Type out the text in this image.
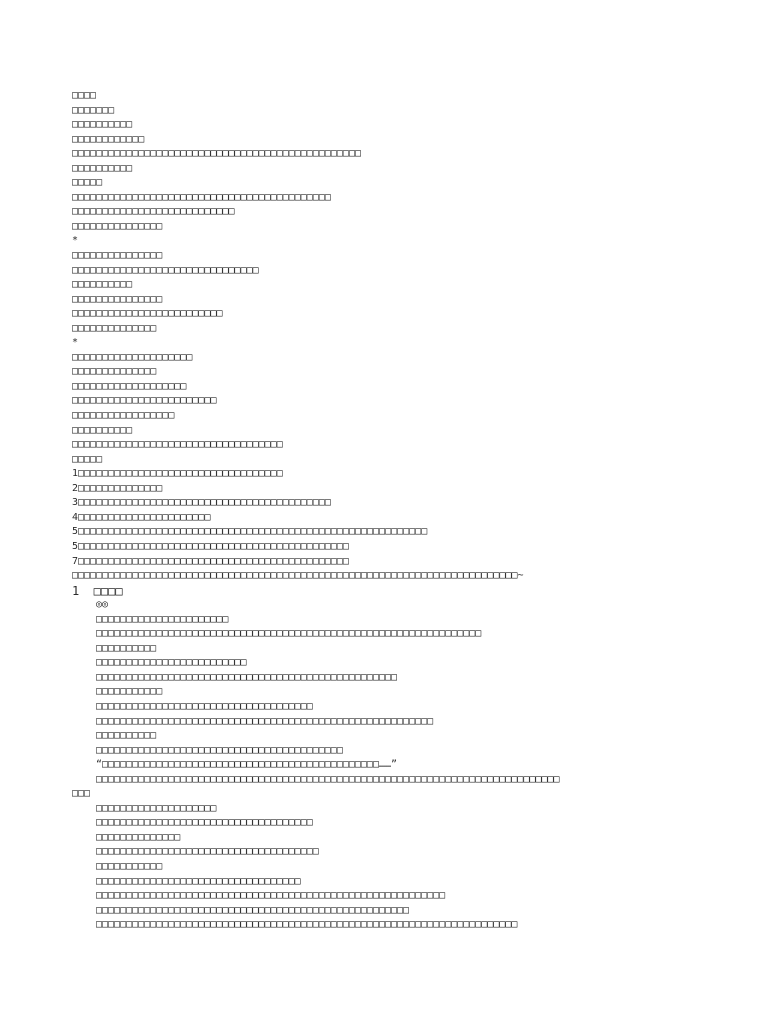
□□□□
□□□□□□□
□□□□□□□□□□
□□□□□□□□□□□□
□□□□□□□□□□□□□□□□□□□□□□□□□□□□□□□□□□□□□□□□□□□□□□□□
□□□□□□□□□□
□□□□□
□□□□□□□□□□□□□□□□□□□□□□□□□□□□□□□□□□□□□□□□□□□
□□□□□□□□□□□□□□□□□□□□□□□□□□□
□□□□□□□□□□□□□□□
*
□□□□□□□□□□□□□□□
□□□□□□□□□□□□□□□□□□□□□□□□□□□□□□□
□□□□□□□□□□
□□□□□□□□□□□□□□□
□□□□□□□□□□□□□□□□□□□□□□□□□
□□□□□□□□□□□□□□
*
□□□□□□□□□□□□□□□□□□□□
□□□□□□□□□□□□□□
□□□□□□□□□□□□□□□□□□□
□□□□□□□□□□□□□□□□□□□□□□□□
□□□□□□□□□□□□□□□□□
□□□□□□□□□□
□□□□□□□□□□□□□□□□□□□□□□□□□□□□□□□□□□□
□□□□□
1□□□□□□□□□□□□□□□□□□□□□□□□□□□□□□□□□□
2□□□□□□□□□□□□□□
3□□□□□□□□□□□□□□□□□□□□□□□□□□□□□□□□□□□□□□□□□□
4□□□□□□□□□□□□□□□□□□□□□□
5□□□□□□□□□□□□□□□□□□□□□□□□□□□□□□□□□□□□□□□□□□□□□□□□□□□□□□□□□□
5□□□□□□□□□□□□□□□□□□□□□□□□□□□□□□□□□□□□□□□□□□□□□
7□□□□□□□□□□□□□□□□□□□□□□□□□□□□□□□□□□□□□□□□□□□□□
□□□□□□□□□□□□□□□□□□□□□□□□□□□□□□□□□□□□□□□□□□□□□□□□□□□□□□□□□□□□□□□□□□□□□□□□□□~
1  □□□□
◎◎
□□□□□□□□□□□□□□□□□□□□□□
□□□□□□□□□□□□□□□□□□□□□□□□□□□□□□□□□□□□□□□□□□□□□□□□□□□□□□□□□□□□□□□□
□□□□□□□□□□
□□□□□□□□□□□□□□□□□□□□□□□□□
□□□□□□□□□□□□□□□□□□□□□□□□□□□□□□□□□□□□□□□□□□□□□□□□□□
□□□□□□□□□□□
□□□□□□□□□□□□□□□□□□□□□□□□□□□□□□□□□□□□
□□□□□□□□□□□□□□□□□□□□□□□□□□□□□□□□□□□□□□□□□□□□□□□□□□□□□□□□
□□□□□□□□□□
□□□□□□□□□□□□□□□□□□□□□□□□□□□□□□□□□□□□□□□□□
“□□□□□□□□□□□□□□□□□□□□□□□□□□□□□□□□□□□□□□□□□□□□□□……”
□□□□□□□□□□□□□□□□□□□□□□□□□□□□□□□□□□□□□□□□□□□□□□□□□□□□□□□□□□□□□□□□□□□□□□□□□□□□□
□□□
□□□□□□□□□□□□□□□□□□□□
□□□□□□□□□□□□□□□□□□□□□□□□□□□□□□□□□□□□
□□□□□□□□□□□□□□
□□□□□□□□□□□□□□□□□□□□□□□□□□□□□□□□□□□□□
□□□□□□□□□□□
□□□□□□□□□□□□□□□□□□□□□□□□□□□□□□□□□□
□□□□□□□□□□□□□□□□□□□□□□□□□□□□□□□□□□□□□□□□□□□□□□□□□□□□□□□□□□
□□□□□□□□□□□□□□□□□□□□□□□□□□□□□□□□□□□□□□□□□□□□□□□□□□□□
□□□□□□□□□□□□□□□□□□□□□□□□□□□□□□□□□□□□□□□□□□□□□□□□□□□□□□□□□□□□□□□□□□□□□□
